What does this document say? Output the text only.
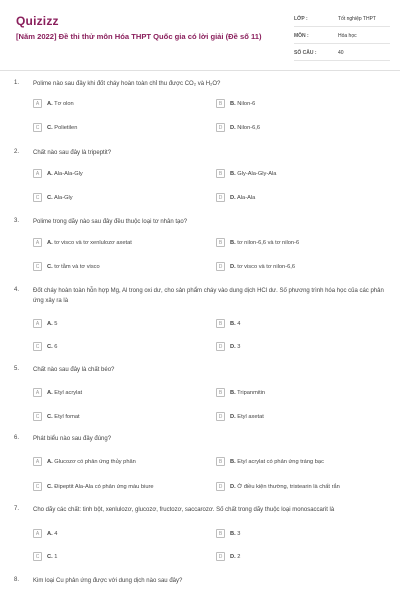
Quizizz
[Năm 2022] Đề thi thử môn Hóa THPT Quốc gia có lời giải (Đề số 11)
LỚP :	Tốt nghiệp THPT
MÔN :	Hóa học
SỐ CÂU :	40
1. Polime nào sau đây khi đốt cháy hoàn toàn chỉ thu được CO₂ và H₂O?
A	A. Tơ olon	B	B. Nilon-6
C	C. Polietilen	D	D. Nilon-6,6
2. Chất nào sau đây là tripeptit?
A	A. Ala-Ala-Gly	B	B. Gly-Ala-Gly-Ala
C	C. Ala-Gly	D	D. Ala-Ala
3. Polime trong dãy nào sau đây đều thuộc loại tơ nhân tạo?
A	A. tơ visco và tơ xenlulozơ axetat	B	B. tơ nilon-6,6 và tơ nilon-6
C	C. tơ tằm và tơ visco	D	D. tơ visco và tơ nilon-6,6
4. Đốt cháy hoàn toàn hỗn hợp Mg, Al trong oxi dư, cho sản phẩm cháy vào dung dịch HCl dư. Số phương trình hóa học của các phản ứng xảy ra là
A	A. 5	B	B. 4
C	C. 6	D	D. 3
5. Chất nào sau đây là chất béo?
A	A. Etyl acrylat	B	B. Tripanmitin
C	C. Etyl fomat	D	D. Etyl axetat
6. Phát biểu nào sau đây đúng?
A	A. Glucozơ có phản ứng thủy phân	B	B. Etyl acrylat có phản ứng tráng bạc
C	C. Đipeptit Ala-Ala có phản ứng màu biure	D	D. Ở điều kiện thường, tristearin là chất rắn
7. Cho dãy các chất: tinh bột, xenlulozơ, glucozơ, fructozơ, saccarozơ. Số chất trong dãy thuộc loại monosaccarit là
A	A. 4	B	B. 3
C	C. 1	D	D. 2
8. Kim loại Cu phản ứng được với dung dịch nào sau đây?
